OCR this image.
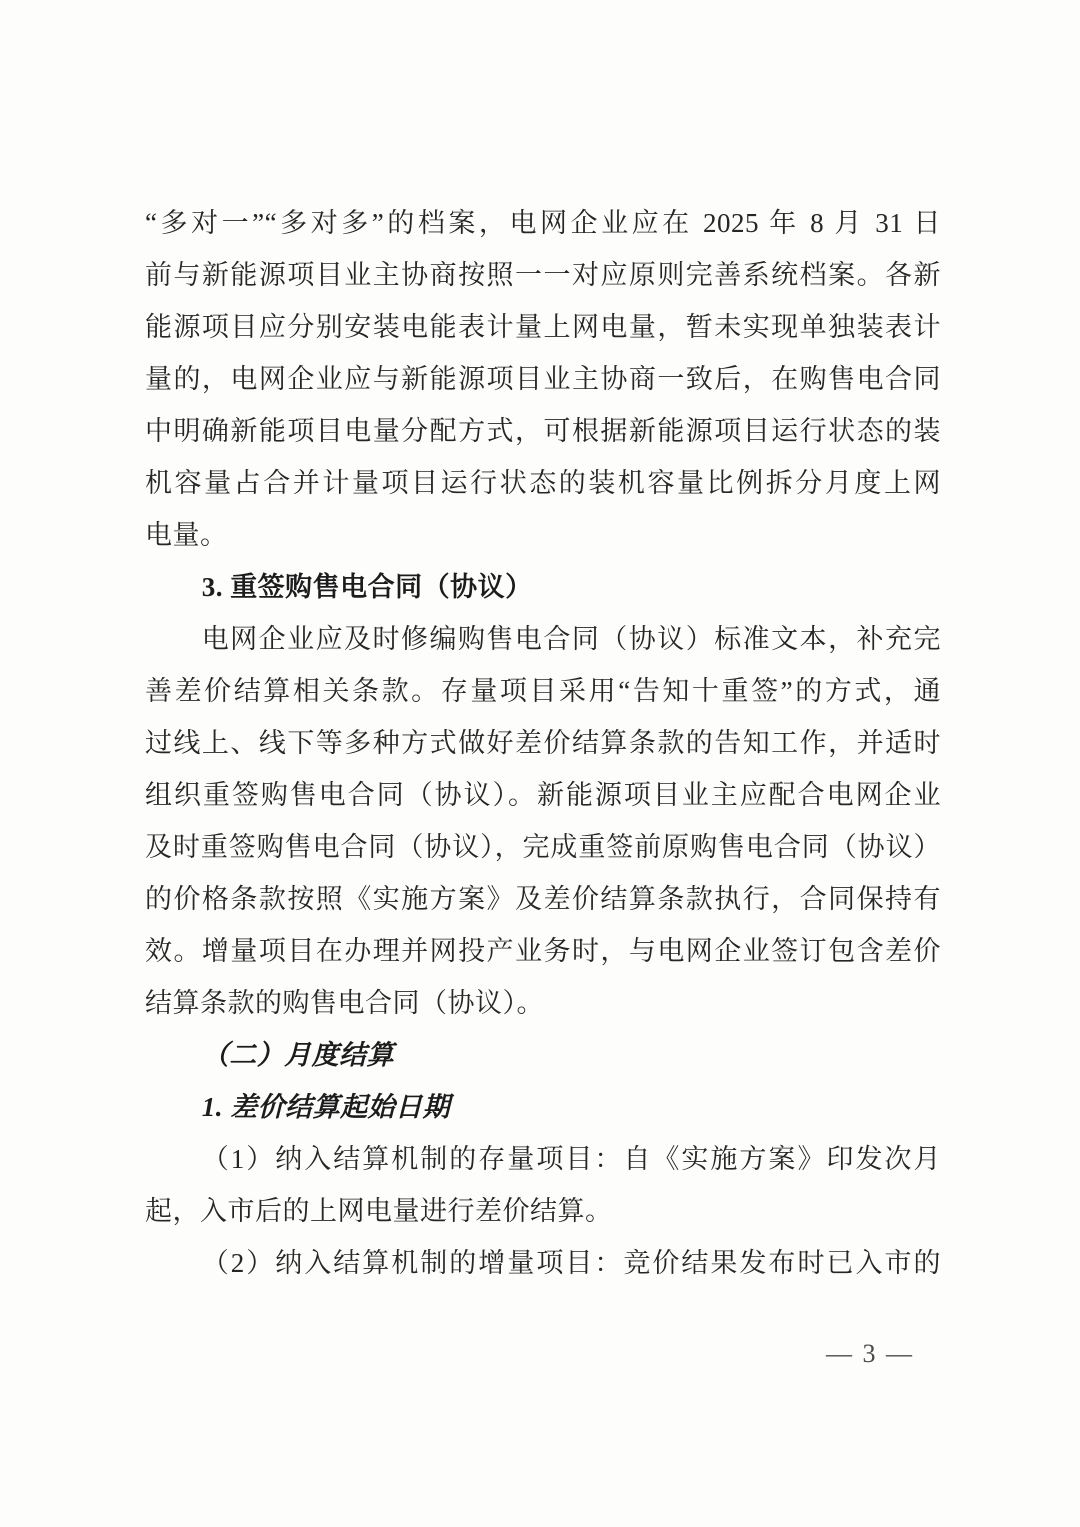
“多对一”“多对多”的档案，电网企业应在 2025 年 8 月 31 日
前与新能源项目业主协商按照一一对应原则完善系统档案。各新
能源项目应分别安装电能表计量上网电量，暂未实现单独装表计
量的，电网企业应与新能源项目业主协商一致后，在购售电合同
中明确新能项目电量分配方式，可根据新能源项目运行状态的装
机容量占合并计量项目运行状态的装机容量比例拆分月度上网
电量。
3. 重签购售电合同（协议）
电网企业应及时修编购售电合同（协议）标准文本，补充完
善差价结算相关条款。存量项目采用“告知十重签”的方式，通
过线上、线下等多种方式做好差价结算条款的告知工作，并适时
组织重签购售电合同（协议）。新能源项目业主应配合电网企业
及时重签购售电合同（协议），完成重签前原购售电合同（协议）
的价格条款按照《实施方案》及差价结算条款执行，合同保持有
效。增量项目在办理并网投产业务时，与电网企业签订包含差价
结算条款的购售电合同（协议）。
（二）月度结算
1. 差价结算起始日期
（1）纳入结算机制的存量项目：自《实施方案》印发次月
起，入市后的上网电量进行差价结算。
（2）纳入结算机制的增量项目：竞价结果发布时已入市的
— 3 —
